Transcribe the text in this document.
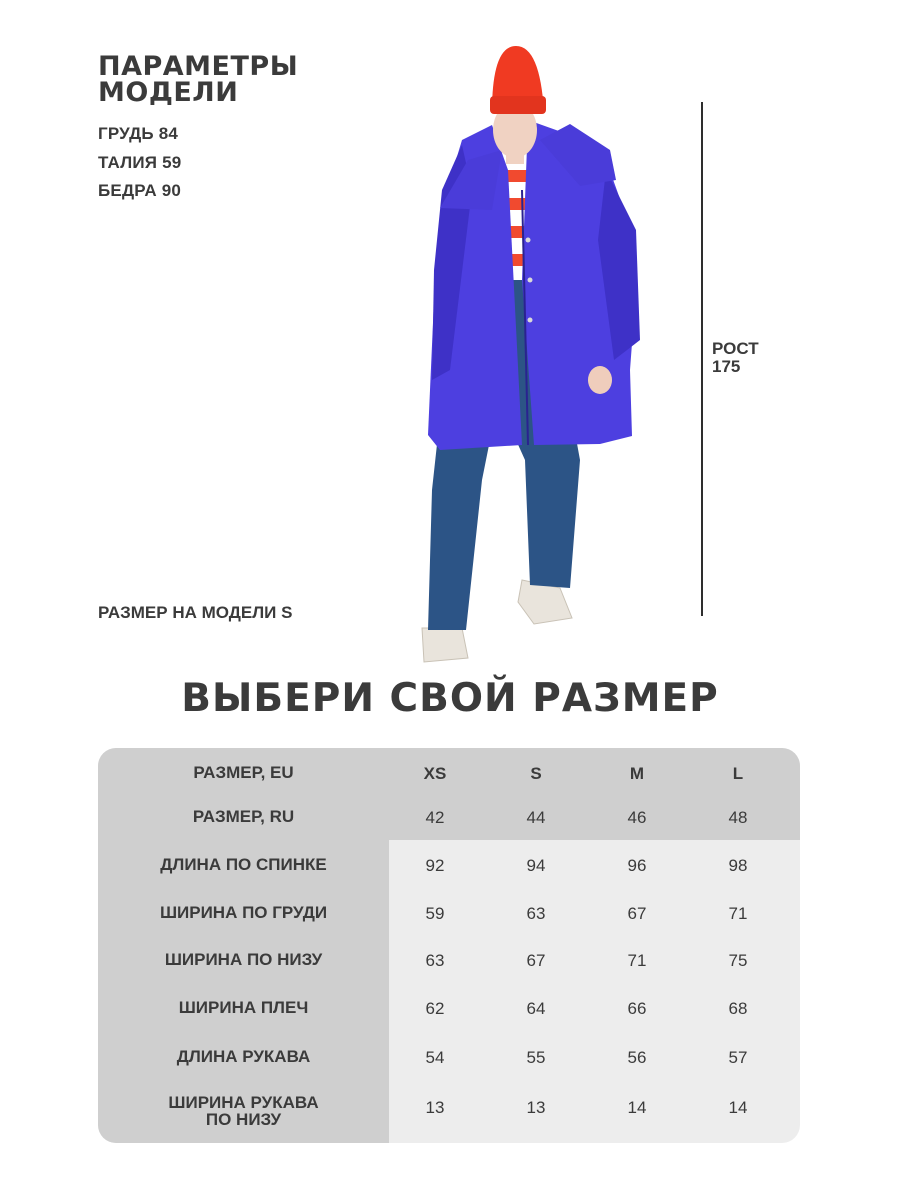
ПАРАМЕТРЫ
МОДЕЛИ
ГРУДЬ 84
ТАЛИЯ 59
БЕДРА 90
РАЗМЕР НА МОДЕЛИ S
РОСТ
175
ВЫБЕРИ СВОЙ РАЗМЕР
РАЗМЕР, EU	XS	S	M	L
РАЗМЕР, RU	42	44	46	48
ДЛИНА ПО СПИНКЕ	92	94	96	98
ШИРИНА ПО ГРУДИ	59	63	67	71
ШИРИНА ПО НИЗУ	63	67	71	75
ШИРИНА ПЛЕЧ	62	64	66	68
ДЛИНА РУКАВА	54	55	56	57
ШИРИНА РУКАВА
ПО НИЗУ
13	13	14	14
